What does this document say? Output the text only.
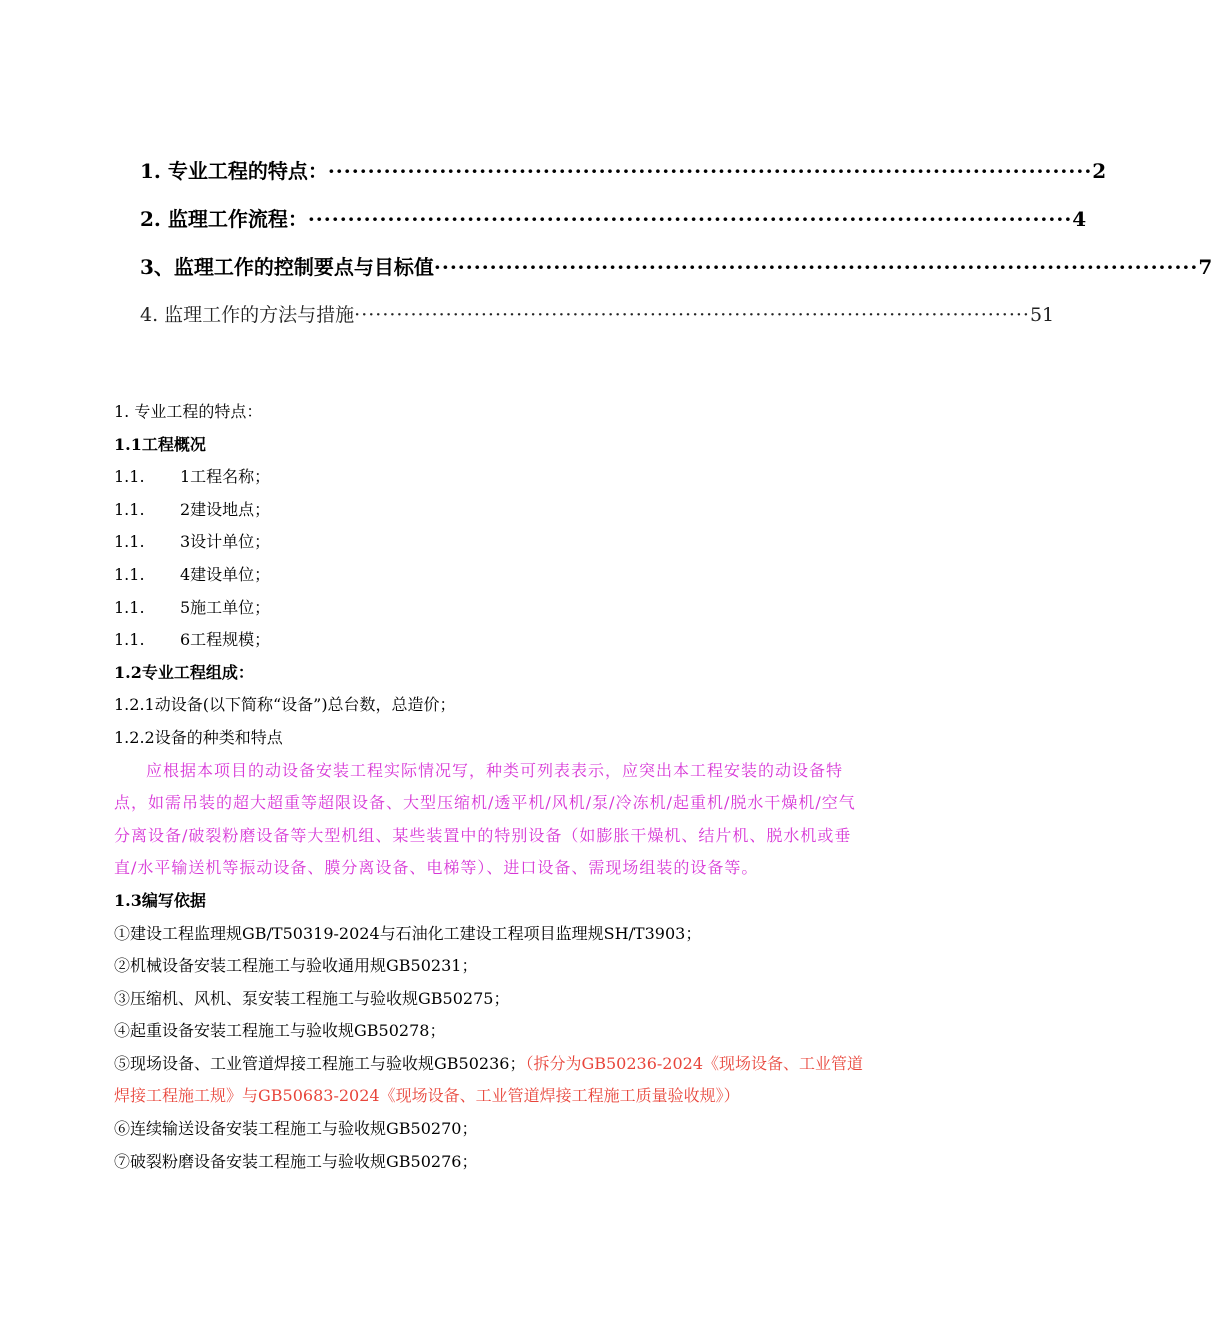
1. 专业工程的特点： ································································································ 2
2. 监理工作流程： ································································································ 4
3、监理工作的控制要点与目标值 ································································································ 7
4. 监理工作的方法与措施 ································································································ 51
1. 专业工程的特点：
1.1工程概况
1.1. 1工程名称；
1.1. 2建设地点；
1.1. 3设计单位；
1.1. 4建设单位；
1.1. 5施工单位；
1.1. 6工程规模；
1.2专业工程组成：
1.2.1动设备(以下简称“设备”)总台数，总造价；
1.2.2设备的种类和特点
应根据本项目的动设备安装工程实际情况写，种类可列表表示，应突出本工程安装的动设备特点，如需吊装的超大超重等超限设备、大型压缩机/透平机/风机/泵/冷冻机/起重机/脱水干燥机/空气分离设备/破裂粉磨设备等大型机组、某些装置中的特别设备（如膨胀干燥机、结片机、脱水机或垂直/水平输送机等振动设备、膜分离设备、电梯等）、进口设备、需现场组装的设备等。
1.3编写依据
①建设工程监理规GB/T50319-2024与石油化工建设工程项目监理规SH/T3903；
②机械设备安装工程施工与验收通用规GB50231；
③压缩机、风机、泵安装工程施工与验收规GB50275；
④起重设备安装工程施工与验收规GB50278；
⑤现场设备、工业管道焊接工程施工与验收规GB50236；（拆分为GB50236-2024《现场设备、工业管道焊接工程施工规》与GB50683-2024《现场设备、工业管道焊接工程施工质量验收规》）
⑥连续输送设备安装工程施工与验收规GB50270；
⑦破裂粉磨设备安装工程施工与验收规GB50276；
